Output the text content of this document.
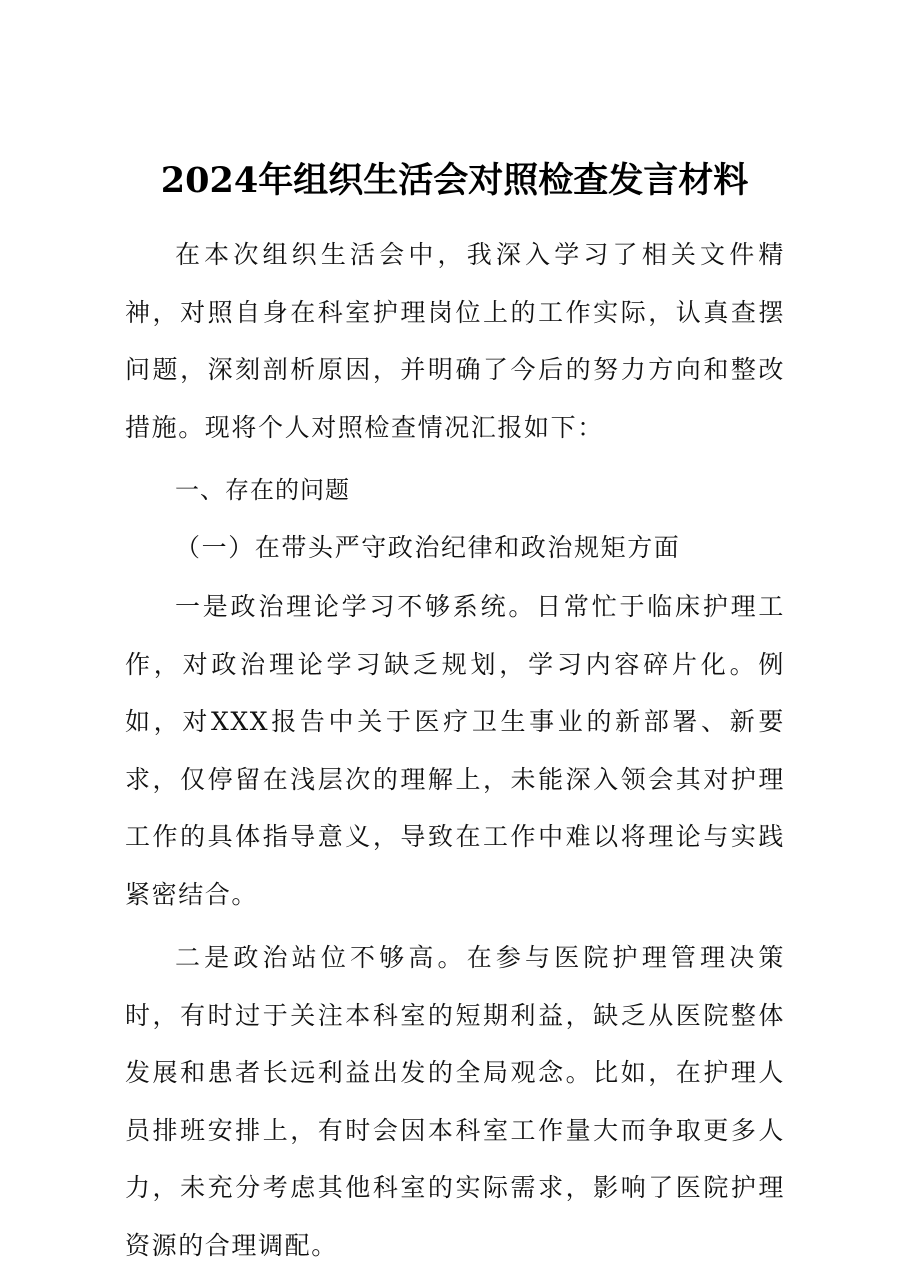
2024年组织生活会对照检查发言材料

在本次组织生活会中，我深入学习了相关文件精神，对照自身在科室护理岗位上的工作实际，认真查摆问题，深刻剖析原因，并明确了今后的努力方向和整改措施。现将个人对照检查情况汇报如下：

一、存在的问题

（一）在带头严守政治纪律和政治规矩方面

一是政治理论学习不够系统。日常忙于临床护理工作，对政治理论学习缺乏规划，学习内容碎片化。例如，对XXX报告中关于医疗卫生事业的新部署、新要求，仅停留在浅层次的理解上，未能深入领会其对护理工作的具体指导意义，导致在工作中难以将理论与实践紧密结合。

二是政治站位不够高。在参与医院护理管理决策时，有时过于关注本科室的短期利益，缺乏从医院整体发展和患者长远利益出发的全局观念。比如，在护理人员排班安排上，有时会因本科室工作量大而争取更多人力，未充分考虑其他科室的实际需求，影响了医院护理资源的合理调配。
